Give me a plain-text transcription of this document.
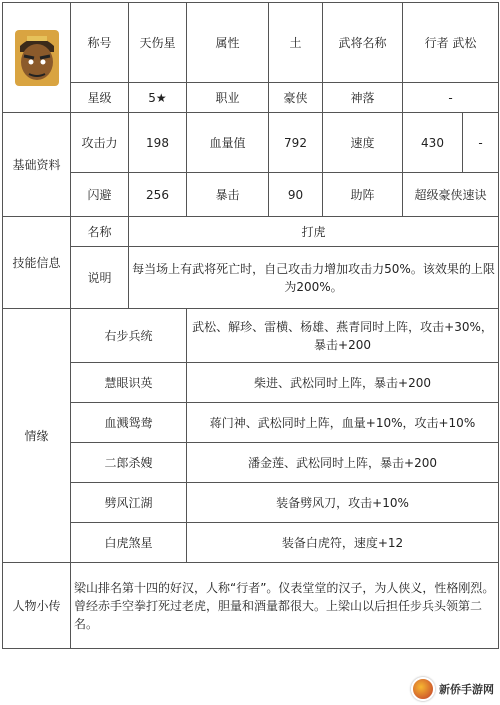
	称号	天伤星	属性	土	武将名称	行者 武松	
	星级	5★	职业	豪侠	神落	-	
基础资料	攻击力	198	血量值	792	速度	430	-
	闪避	256	暴击	90	助阵	超级豪侠速诀	
技能信息	名称	打虎					
	说明	每当场上有武将死亡时，自己攻击力增加攻击力50%。该效果的上限为200%。					
情缘	右步兵统		武松、解珍、雷横、杨雄、燕青同时上阵，攻击+30%，暴击+200				
	慧眼识英		柴进、武松同时上阵，暴击+200				
	血溅鸳鸯		蒋门神、武松同时上阵，血量+10%，攻击+10%				
	二郎杀嫂		潘金莲、武松同时上阵，暴击+200				
	劈风江湖		装备劈风刀，攻击+10%				
	白虎煞星		装备白虎符，速度+12				
人物小传	梁山排名第十四的好汉，人称“行者”。仪表堂堂的汉子，为人侠义，性格刚烈。曾经赤手空拳打死过老虎，胆量和酒量都很大。上梁山以后担任步兵头领第二名。						
新侨手游网
